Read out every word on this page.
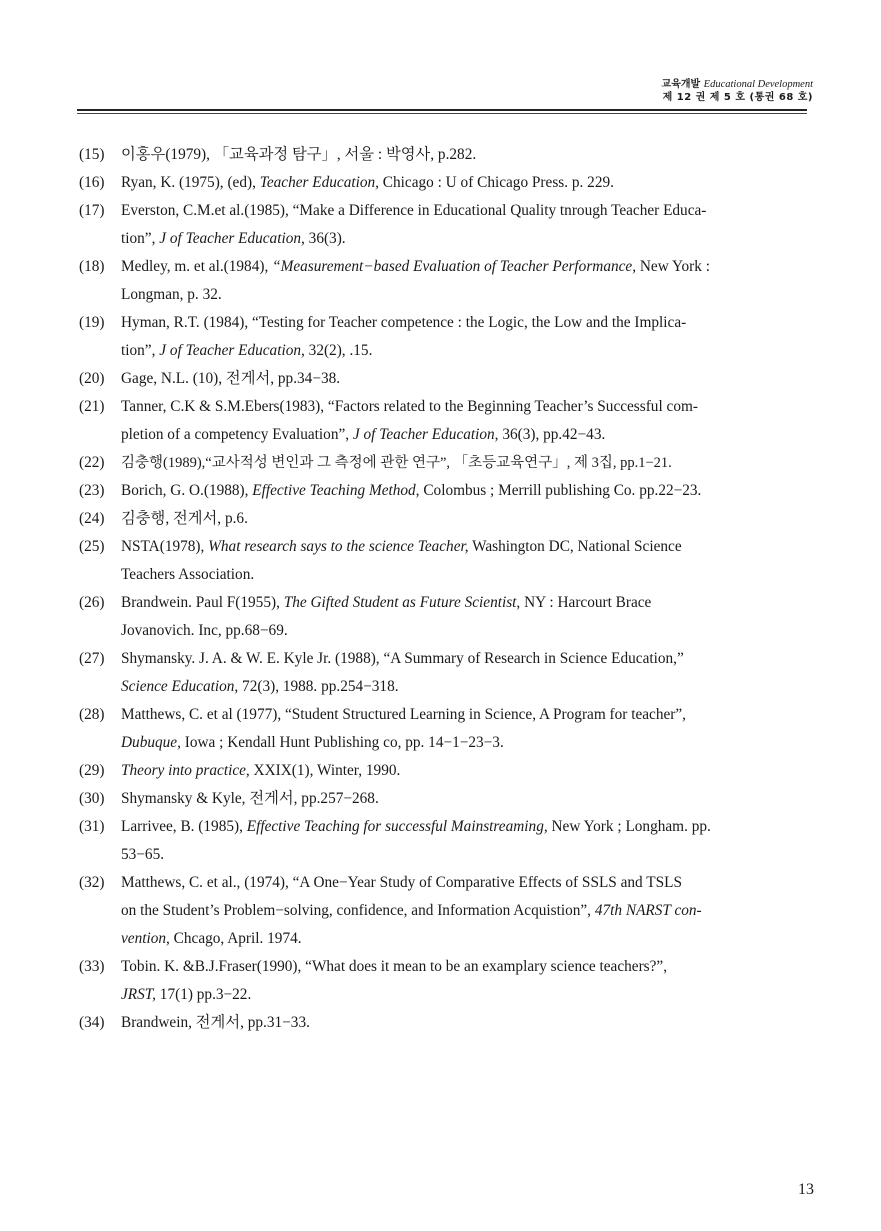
교육개발 Educational Development
제 12 권 제 5 호 (통권 68 호)
(15)	이홍우(1979), 「교육과정 탐구」, 서울 : 박영사, p.282.
(16)	Ryan, K. (1975), (ed), Teacher Education, Chicago : U of Chicago Press. p. 229.
(17)	Everston, C.M.et al.(1985), “Make a Difference in Educational Quality tnrough Teacher Educa-
tion”, J of Teacher Education, 36(3).
(18)	Medley, m. et al.(1984), “Measurement−based Evaluation of Teacher Performance, New York :
Longman, p. 32.
(19)	Hyman, R.T. (1984), “Testing for Teacher competence : the Logic, the Low and the Implica-
tion”, J of Teacher Education, 32(2), .15.
(20)	Gage, N.L. (10), 전게서, pp.34−38.
(21)	Tanner, C.K & S.M.Ebers(1983), “Factors related to the Beginning Teacher’s Successful com-
pletion of a competency Evaluation”, J of Teacher Education, 36(3), pp.42−43.
(22)	김충행(1989),“교사적성 변인과 그 측정에 관한 연구”, 「초등교육연구」, 제 3집, pp.1−21.
(23)	Borich, G. O.(1988), Effective Teaching Method, Colombus ; Merrill publishing Co. pp.22−23.
(24)	김충행, 전게서, p.6.
(25)	NSTA(1978), What research says to the science Teacher, Washington DC, National Science
Teachers Association.
(26)	Brandwein. Paul F(1955), The Gifted Student as Future Scientist, NY : Harcourt Brace
Jovanovich. Inc, pp.68−69.
(27)	Shymansky. J. A. & W. E. Kyle Jr. (1988), “A Summary of Research in Science Education,”
Science Education, 72(3), 1988. pp.254−318.
(28)	Matthews, C. et al (1977), “Student Structured Learning in Science, A Program for teacher”,
Dubuque, Iowa ; Kendall Hunt Publishing co, pp. 14−1−23−3.
(29)	Theory into practice, XXIX(1), Winter, 1990.
(30)	Shymansky & Kyle, 전게서, pp.257−268.
(31)	Larrivee, B. (1985), Effective Teaching for successful Mainstreaming, New York ; Longham. pp.
53−65.
(32)	Matthews, C. et al., (1974), “A One−Year Study of Comparative Effects of SSLS and TSLS
on the Student’s Problem−solving, confidence, and Information Acquistion”, 47th NARST con-
vention, Chcago, April. 1974.
(33)	Tobin. K. &B.J.Fraser(1990), “What does it mean to be an examplary science teachers?”,
JRST, 17(1) pp.3−22.
(34)	Brandwein, 전게서, pp.31−33.
13
